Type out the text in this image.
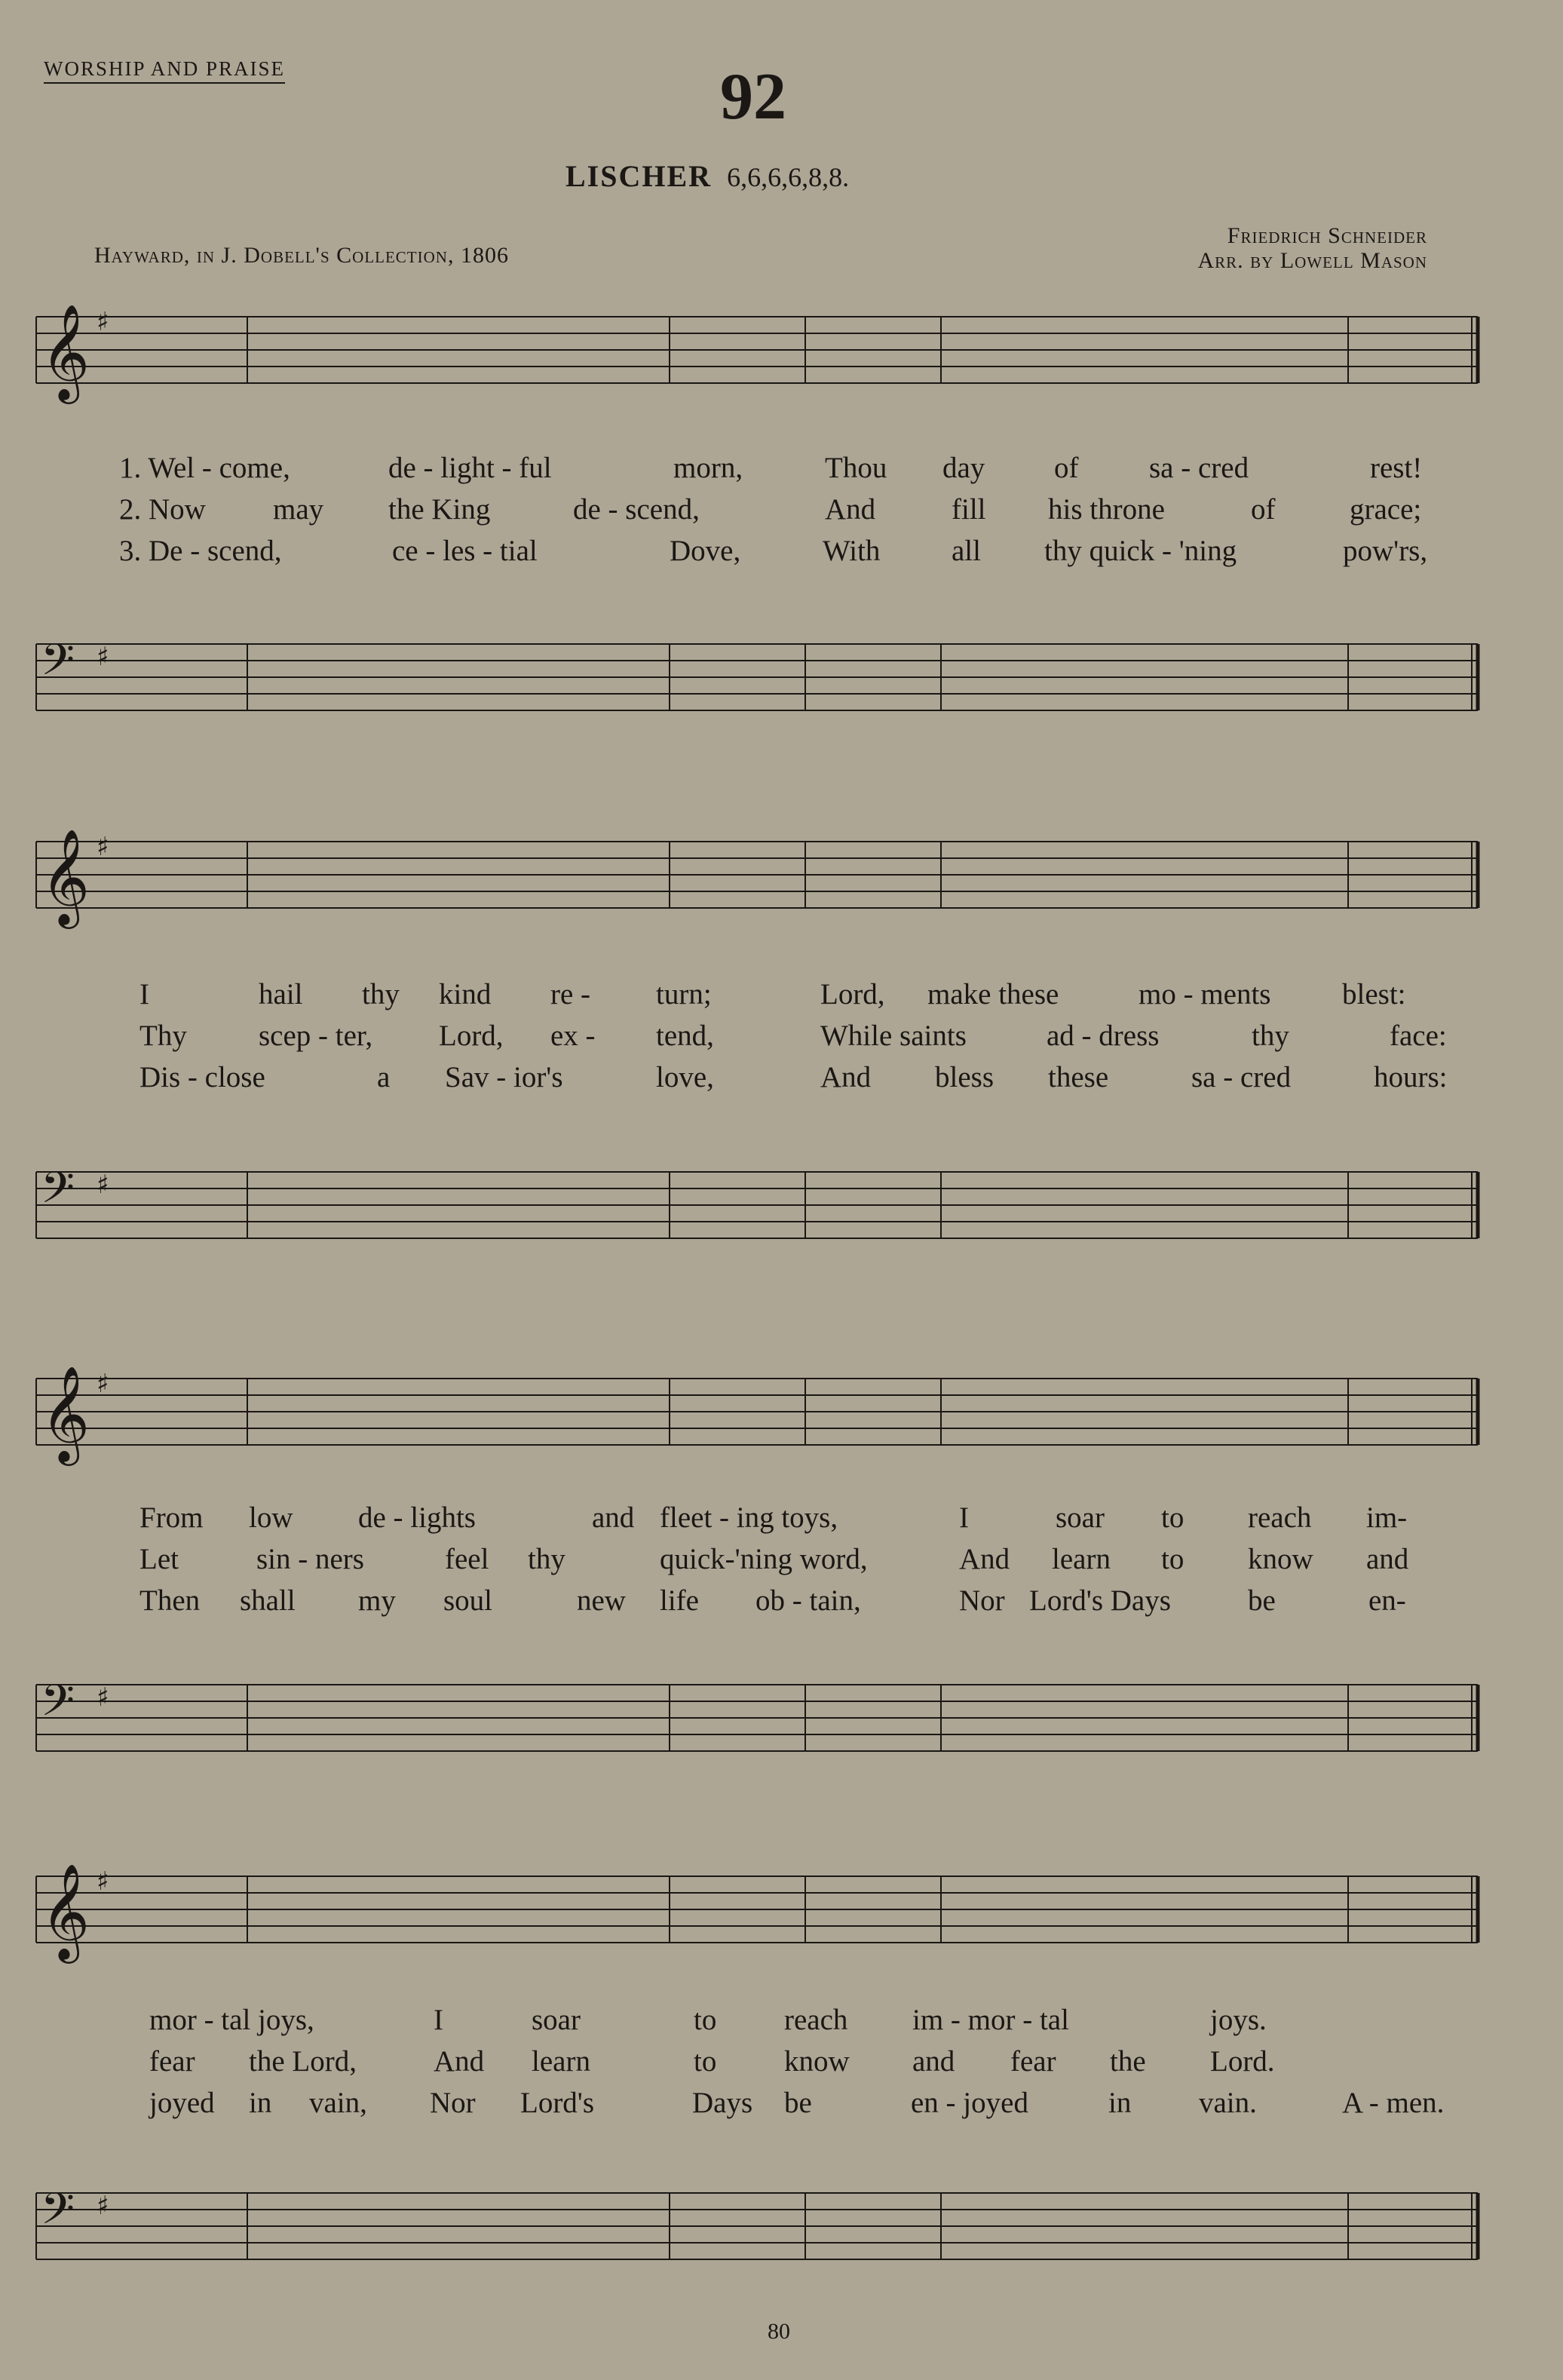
WORSHIP AND PRAISE	92
LISCHER 6,6,6,6,8,8.
Hayward, in J. Dobell's Collection, 1806
Friedrich Schneider
Arr. by Lowell Mason
𝄞 ♯
1. Wel - come,	de - light - ful	morn,	Thou day of sa - cred	rest!
2. Now may the King	de - scend,	And	fill his throne	of	grace;
3. De - scend,	ce - les - tial	Dove,	With all thy quick - 'ning	pow'rs,
𝄢 ♯
𝄞 ♯
I	hail thy kind re - turn;	Lord, make these	mo - ments blest:
Thy scep - ter, Lord, ex - tend,	While saints	ad - dress	thy	face:
Dis - close	a Sav - ior's	love,	And bless these	sa - cred	hours:
𝄢 ♯
𝄞 ♯
From low de - lights	and fleet - ing toys,	I	soar to reach im-
Let	sin - ners	feel thy	quick-'ning word,	And learn to know and
Then shall my soul	new life ob - tain,	Nor Lord's Days	be	en-
𝄢 ♯
𝄞 ♯
mor - tal joys,	I	soar	to reach im - mor - tal	joys.
fear the Lord,	And learn	to know and fear the Lord.
joyed in vain, Nor Lord's	Days be	en - joyed	in vain.	A - men.
𝄢 ♯
80
